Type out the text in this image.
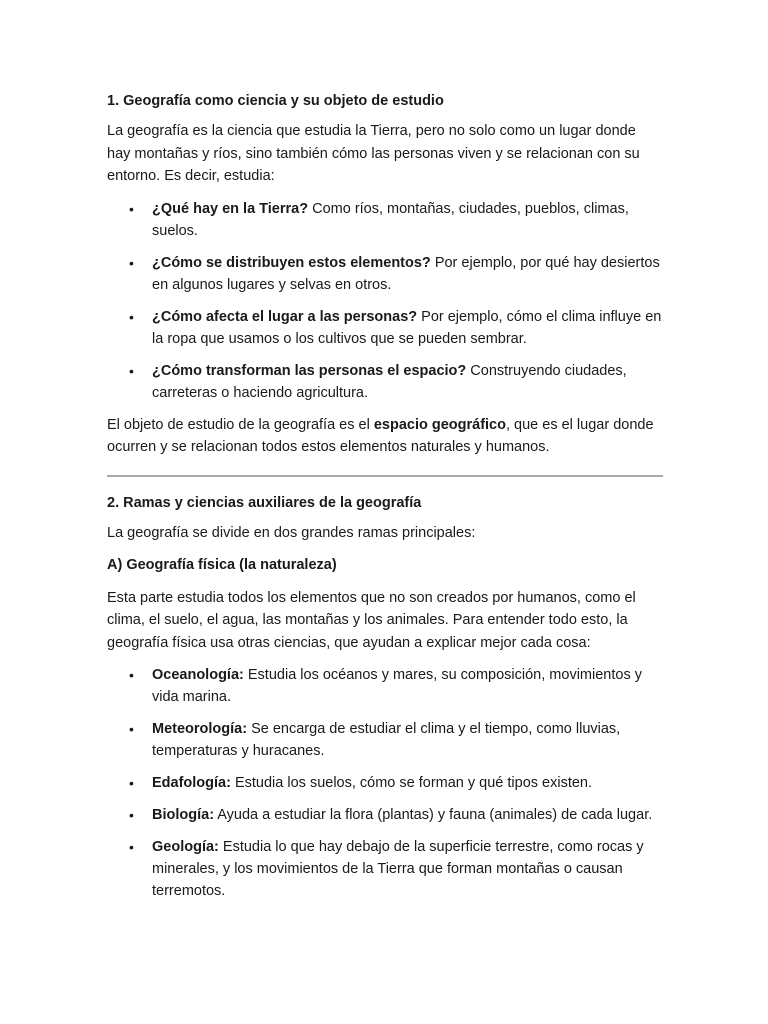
1. Geografía como ciencia y su objeto de estudio

La geografía es la ciencia que estudia la Tierra, pero no solo como un lugar donde hay montañas y ríos, sino también cómo las personas viven y se relacionan con su entorno. Es decir, estudia:

• ¿Qué hay en la Tierra? Como ríos, montañas, ciudades, pueblos, climas, suelos.
• ¿Cómo se distribuyen estos elementos? Por ejemplo, por qué hay desiertos en algunos lugares y selvas en otros.
• ¿Cómo afecta el lugar a las personas? Por ejemplo, cómo el clima influye en la ropa que usamos o los cultivos que se pueden sembrar.
• ¿Cómo transforman las personas el espacio? Construyendo ciudades, carreteras o haciendo agricultura.

El objeto de estudio de la geografía es el espacio geográfico, que es el lugar donde ocurren y se relacionan todos estos elementos naturales y humanos.

2. Ramas y ciencias auxiliares de la geografía

La geografía se divide en dos grandes ramas principales:

A) Geografía física (la naturaleza)

Esta parte estudia todos los elementos que no son creados por humanos, como el clima, el suelo, el agua, las montañas y los animales. Para entender todo esto, la geografía física usa otras ciencias, que ayudan a explicar mejor cada cosa:

• Oceanología: Estudia los océanos y mares, su composición, movimientos y vida marina.
• Meteorología: Se encarga de estudiar el clima y el tiempo, como lluvias, temperaturas y huracanes.
• Edafología: Estudia los suelos, cómo se forman y qué tipos existen.
• Biología: Ayuda a estudiar la flora (plantas) y fauna (animales) de cada lugar.
• Geología: Estudia lo que hay debajo de la superficie terrestre, como rocas y minerales, y los movimientos de la Tierra que forman montañas o causan terremotos.
